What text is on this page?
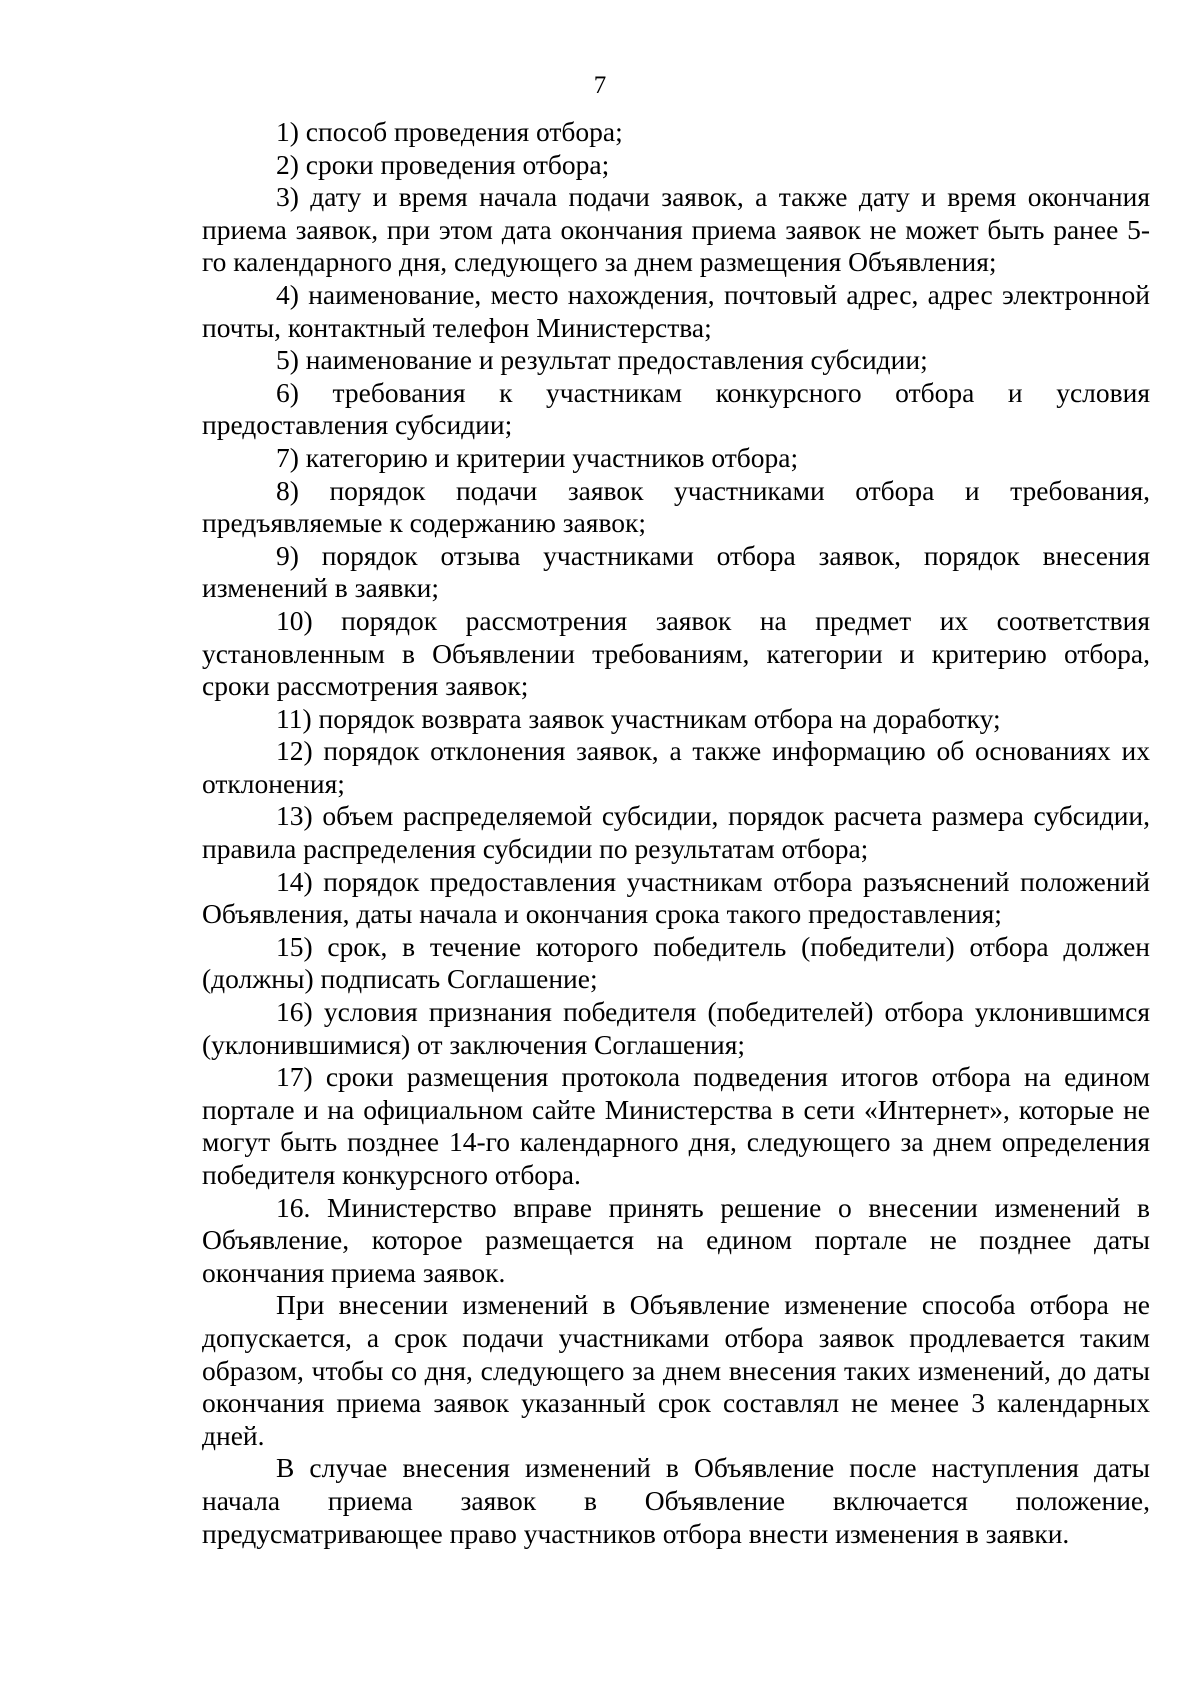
7

1) способ проведения отбора;

2) сроки проведения отбора;

3) дату и время начала подачи заявок, а также дату и время окончания приема заявок, при этом дата окончания приема заявок не может быть ранее 5-го календарного дня, следующего за днем размещения Объявления;

4) наименование, место нахождения, почтовый адрес, адрес электронной почты, контактный телефон Министерства;

5) наименование и результат предоставления субсидии;

6) требования к участникам конкурсного отбора и условия предоставления субсидии;

7) категорию и критерии участников отбора;

8) порядок подачи заявок участниками отбора и требования, предъявляемые к содержанию заявок;

9) порядок отзыва участниками отбора заявок, порядок внесения изменений в заявки;

10) порядок рассмотрения заявок на предмет их соответствия установленным в Объявлении требованиям, категории и критерию отбора, сроки рассмотрения заявок;

11) порядок возврата заявок участникам отбора на доработку;

12) порядок отклонения заявок, а также информацию об основаниях их отклонения;

13) объем распределяемой субсидии, порядок расчета размера субсидии, правила распределения субсидии по результатам отбора;

14) порядок предоставления участникам отбора разъяснений положений Объявления, даты начала и окончания срока такого предоставления;

15) срок, в течение которого победитель (победители) отбора должен (должны) подписать Соглашение;

16) условия признания победителя (победителей) отбора уклонившимся (уклонившимися) от заключения Соглашения;

17) сроки размещения протокола подведения итогов отбора на едином портале и на официальном сайте Министерства в сети «Интернет», которые не могут быть позднее 14-го календарного дня, следующего за днем определения победителя конкурсного отбора.

16. Министерство вправе принять решение о внесении изменений в Объявление, которое размещается на едином портале не позднее даты окончания приема заявок.

При внесении изменений в Объявление изменение способа отбора не допускается, а срок подачи участниками отбора заявок продлевается таким образом, чтобы со дня, следующего за днем внесения таких изменений, до даты окончания приема заявок указанный срок составлял не менее 3 календарных дней.

В случае внесения изменений в Объявление после наступления даты начала приема заявок в Объявление включается положение, предусматривающее право участников отбора внести изменения в заявки.
